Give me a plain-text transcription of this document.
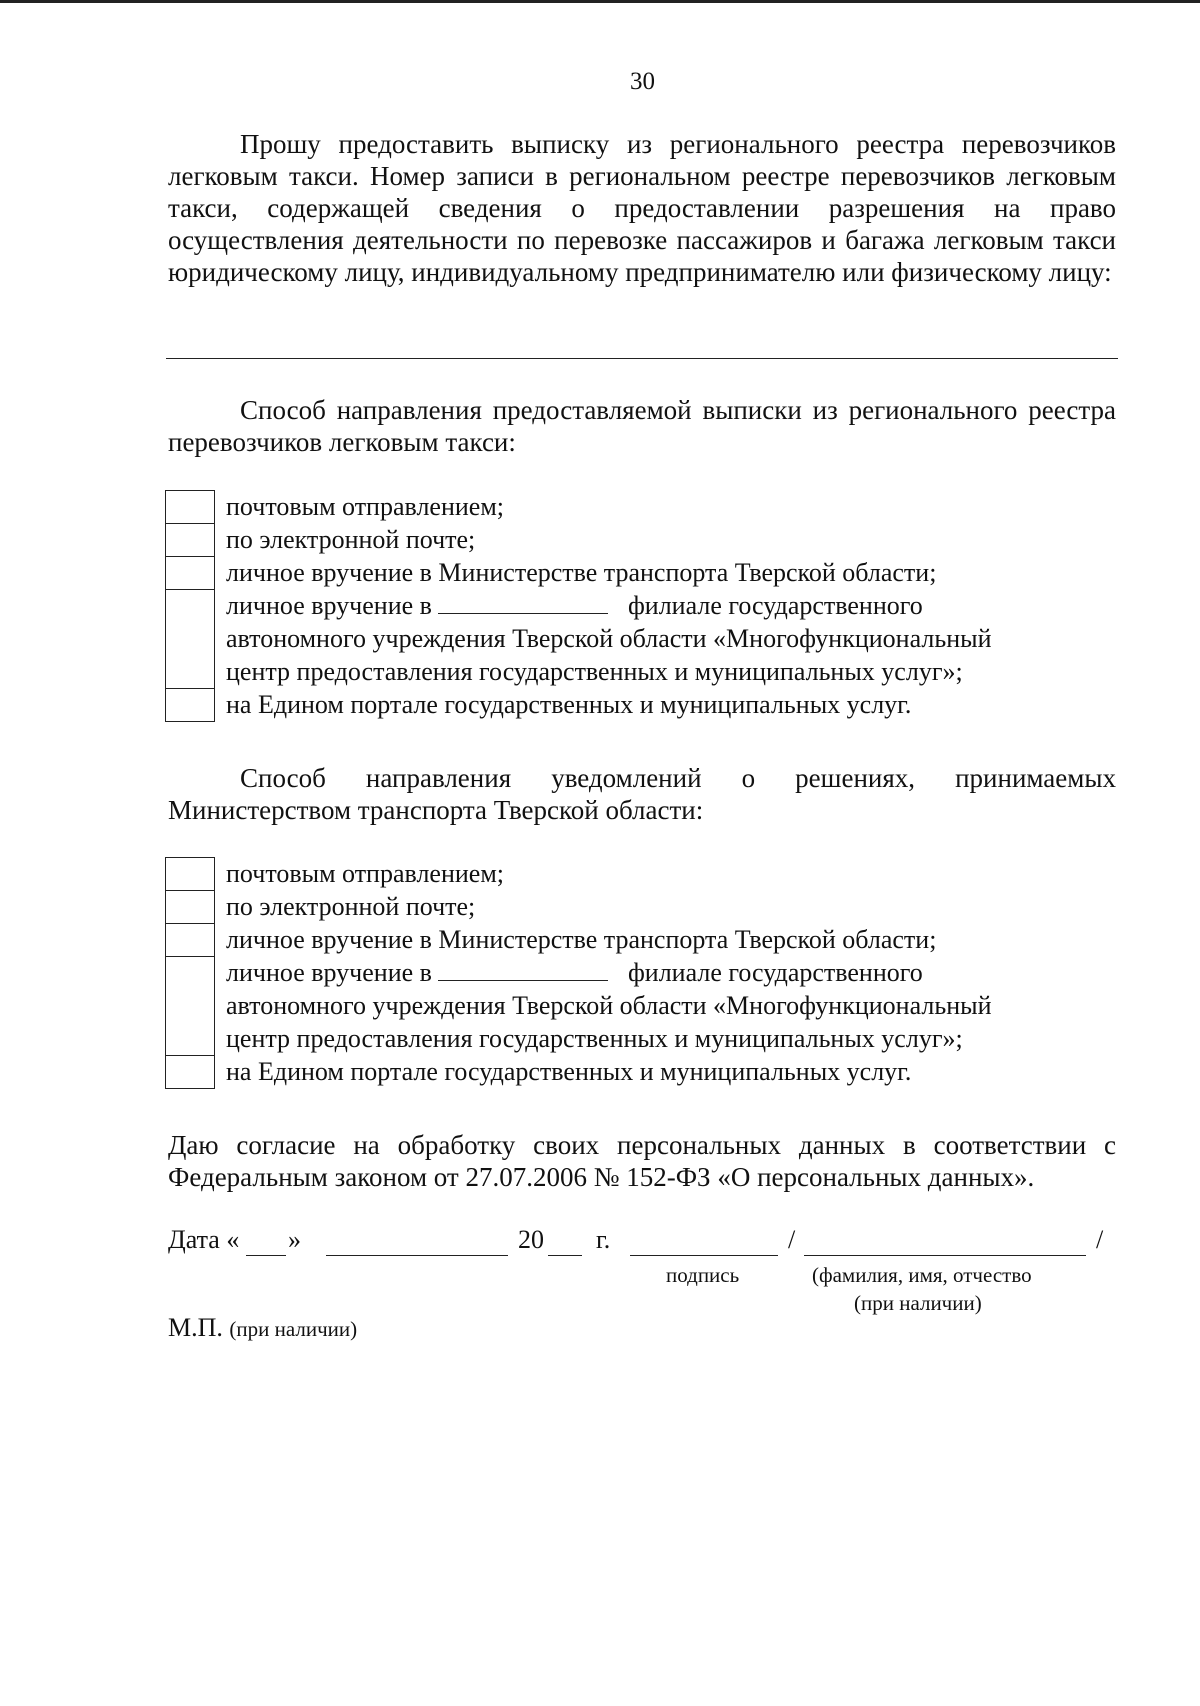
30
Прошу предоставить выписку из регионального реестра перевозчиков легковым такси. Номер записи в региональном реестре перевозчиков легковым такси, содержащей сведения о предоставлении разрешения на право осуществления деятельности по перевозке пассажиров и багажа легковым такси юридическому лицу, индивидуальному предпринимателю или физическому лицу:
Способ направления предоставляемой выписки из регионального реестра перевозчиков легковым такси:
почтовым отправлением;
по электронной почте;
личное вручение в Министерстве транспорта Тверской области;
личное вручение в	филиале государственного
автономного учреждения Тверской области «Многофункциональный
центр предоставления государственных и муниципальных услуг»;
на Едином портале государственных и муниципальных услуг.
Способ направления уведомлений о решениях, принимаемых Министерством транспорта Тверской области:
почтовым отправлением;
по электронной почте;
личное вручение в Министерстве транспорта Тверской области;
личное вручение в	филиале государственного
автономного учреждения Тверской области «Многофункциональный
центр предоставления государственных и муниципальных услуг»;
на Едином портале государственных и муниципальных услуг.
Даю согласие на обработку своих персональных данных в соответствии с Федеральным законом от 27.07.2006 № 152-ФЗ «О персональных данных».
Дата « »	20 г.	/	/
подпись	(фамилия, имя, отчество
(при наличии)
М.П. (при наличии)
